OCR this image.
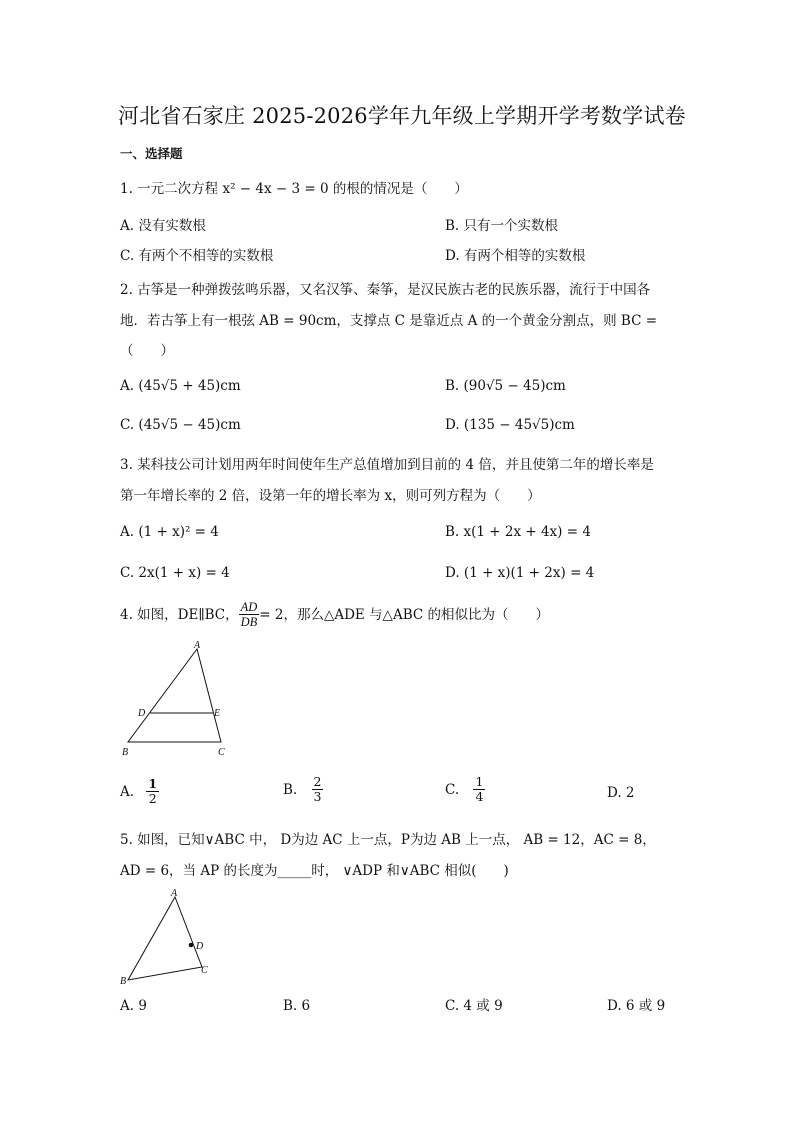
河北省石家庄 2025-2026学年九年级上学期开学考数学试卷
一、选择题
1. 一元二次方程 x² − 4x − 3 = 0 的根的情况是（　　）
A. 没有实数根	B. 只有一个实数根
C. 有两个不相等的实数根	D. 有两个相等的实数根
2. 古筝是一种弹拨弦鸣乐器，又名汉筝、秦筝，是汉民族古老的民族乐器，流行于中国各
地．若古筝上有一根弦 AB = 90cm，支撑点 C 是靠近点 A 的一个黄金分割点，则 BC =
（　　）
A. (45√5 + 45)cm	B. (90√5 − 45)cm
C. (45√5 − 45)cm	D. (135 − 45√5)cm
3. 某科技公司计划用两年时间使年生产总值增加到目前的 4 倍，并且使第二年的增长率是
第一年增长率的 2 倍，设第一年的增长率为 x，则可列方程为（　　）
A. (1 + x)² = 4	B. x(1 + 2x + 4x) = 4
C. 2x(1 + x) = 4	D. (1 + x)(1 + 2x) = 4
4. 如图，DE∥BC， $\frac{AD}{DB} = 2$，那么△ADE 与△ABC 的相似比为（　　）
A
D	E
B	C
A. $\frac{1}{2}$	B. $\frac{2}{3}$	C. $\frac{1}{4}$	D. 2
5. 如图，已知∨ABC 中， D为边 AC 上一点，P为边 AB 上一点， AB = 12，AC = 8，
AD = 6，当 AP 的长度为_____时， ∨ADP 和∨ABC 相似(　　)
A
D
B
C
A. 9	B. 6	C. 4 或 9	D. 6 或 9
